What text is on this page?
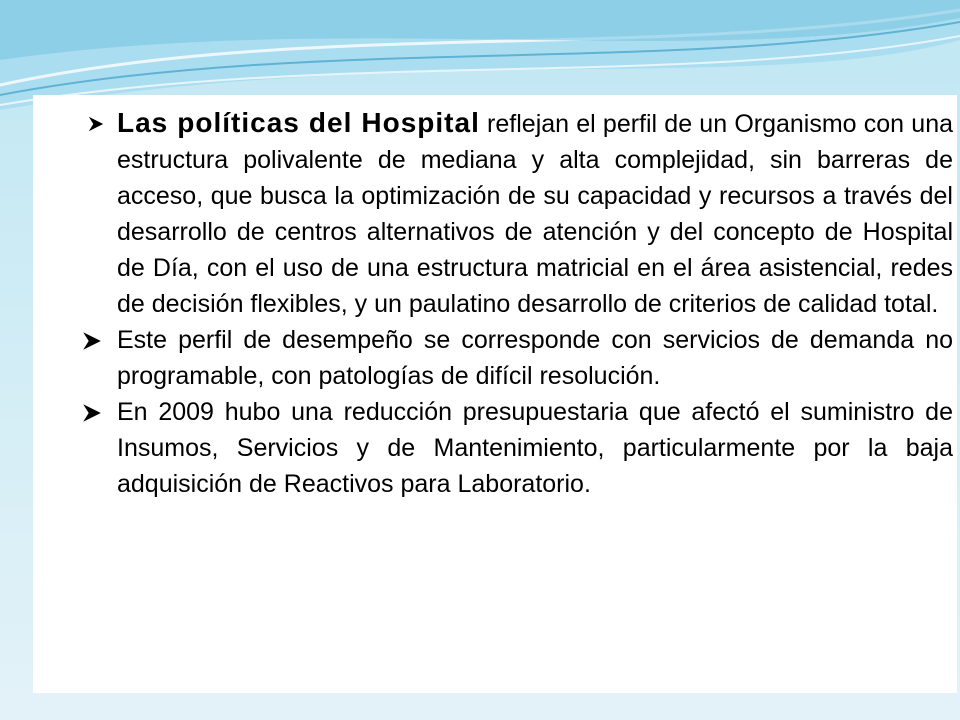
Las políticas del Hospital reflejan el perfil de un Organismo con una estructura polivalente de mediana y alta complejidad, sin barreras de acceso, que busca la optimización de su capacidad y recursos a través del desarrollo de centros alternativos de atención y del concepto de Hospital de Día, con el uso de una estructura matricial en el área asistencial, redes de decisión flexibles, y un paulatino desarrollo de criterios de calidad total.
Este perfil de desempeño se corresponde con servicios de demanda no programable, con patologías de difícil resolución.
En 2009 hubo una reducción presupuestaria que afectó el suministro de Insumos, Servicios y de Mantenimiento, particularmente por la baja adquisición de Reactivos para Laboratorio.
